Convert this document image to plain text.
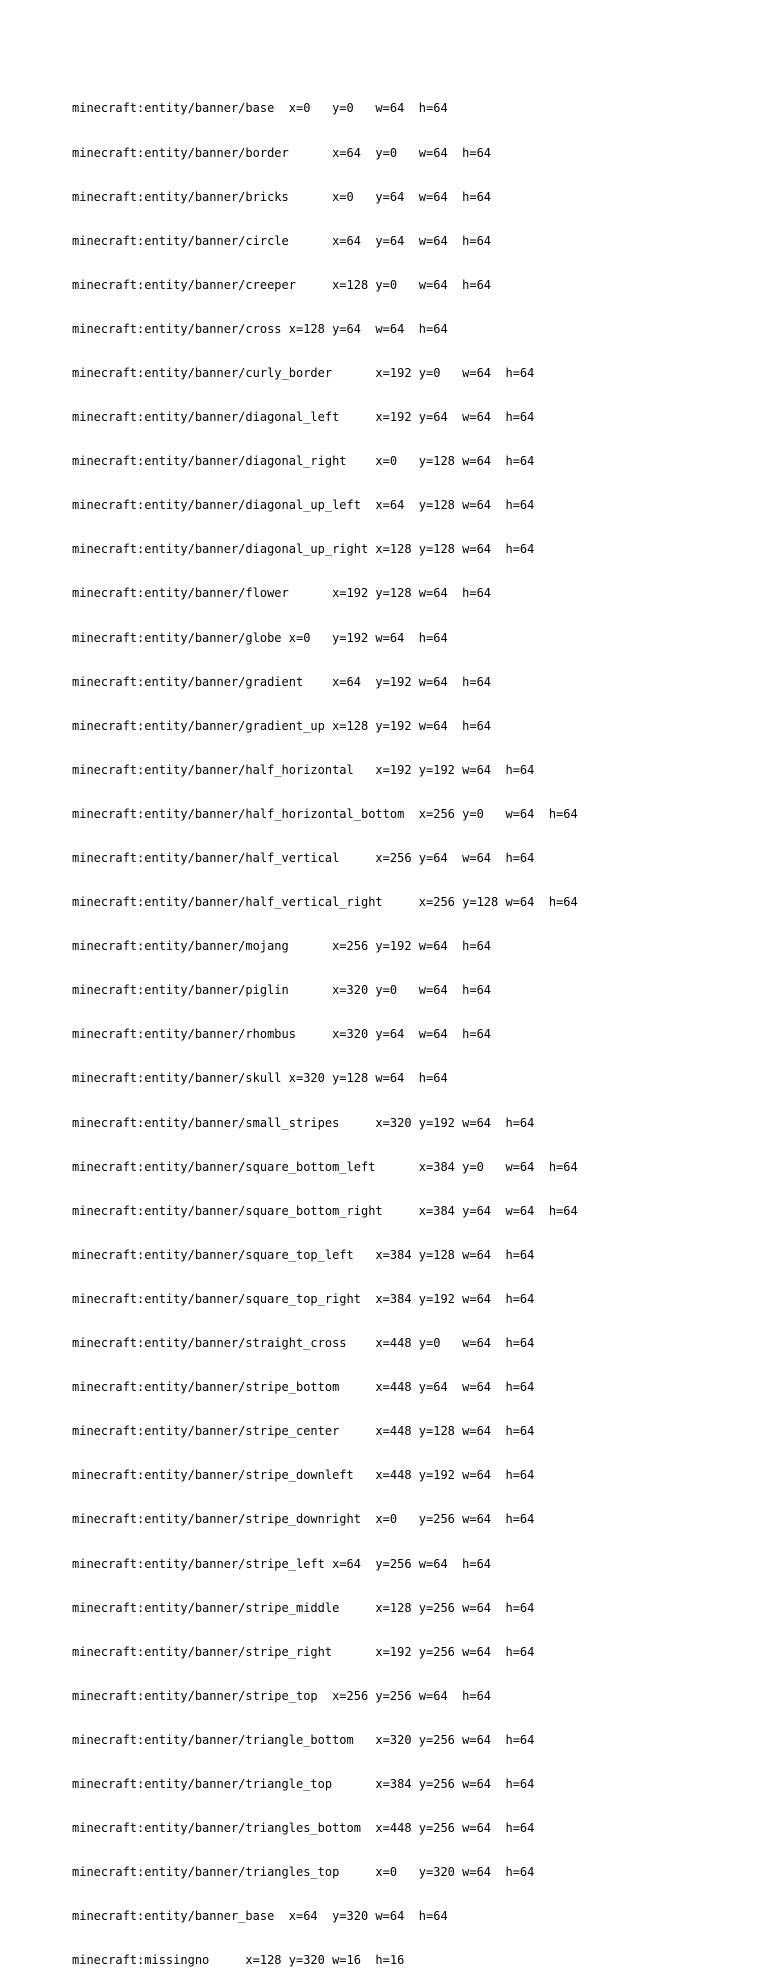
minecraft:entity/banner/base  x=0   y=0   w=64  h=64

minecraft:entity/banner/border      x=64  y=0   w=64  h=64

minecraft:entity/banner/bricks      x=0   y=64  w=64  h=64

minecraft:entity/banner/circle      x=64  y=64  w=64  h=64

minecraft:entity/banner/creeper     x=128 y=0   w=64  h=64

minecraft:entity/banner/cross x=128 y=64  w=64  h=64

minecraft:entity/banner/curly_border      x=192 y=0   w=64  h=64

minecraft:entity/banner/diagonal_left     x=192 y=64  w=64  h=64

minecraft:entity/banner/diagonal_right    x=0   y=128 w=64  h=64

minecraft:entity/banner/diagonal_up_left  x=64  y=128 w=64  h=64

minecraft:entity/banner/diagonal_up_right x=128 y=128 w=64  h=64

minecraft:entity/banner/flower      x=192 y=128 w=64  h=64

minecraft:entity/banner/globe x=0   y=192 w=64  h=64

minecraft:entity/banner/gradient    x=64  y=192 w=64  h=64

minecraft:entity/banner/gradient_up x=128 y=192 w=64  h=64

minecraft:entity/banner/half_horizontal   x=192 y=192 w=64  h=64

minecraft:entity/banner/half_horizontal_bottom  x=256 y=0   w=64  h=64

minecraft:entity/banner/half_vertical     x=256 y=64  w=64  h=64

minecraft:entity/banner/half_vertical_right     x=256 y=128 w=64  h=64

minecraft:entity/banner/mojang      x=256 y=192 w=64  h=64

minecraft:entity/banner/piglin      x=320 y=0   w=64  h=64

minecraft:entity/banner/rhombus     x=320 y=64  w=64  h=64

minecraft:entity/banner/skull x=320 y=128 w=64  h=64

minecraft:entity/banner/small_stripes     x=320 y=192 w=64  h=64

minecraft:entity/banner/square_bottom_left      x=384 y=0   w=64  h=64

minecraft:entity/banner/square_bottom_right     x=384 y=64  w=64  h=64

minecraft:entity/banner/square_top_left   x=384 y=128 w=64  h=64

minecraft:entity/banner/square_top_right  x=384 y=192 w=64  h=64

minecraft:entity/banner/straight_cross    x=448 y=0   w=64  h=64

minecraft:entity/banner/stripe_bottom     x=448 y=64  w=64  h=64

minecraft:entity/banner/stripe_center     x=448 y=128 w=64  h=64

minecraft:entity/banner/stripe_downleft   x=448 y=192 w=64  h=64

minecraft:entity/banner/stripe_downright  x=0   y=256 w=64  h=64

minecraft:entity/banner/stripe_left x=64  y=256 w=64  h=64

minecraft:entity/banner/stripe_middle     x=128 y=256 w=64  h=64

minecraft:entity/banner/stripe_right      x=192 y=256 w=64  h=64

minecraft:entity/banner/stripe_top  x=256 y=256 w=64  h=64

minecraft:entity/banner/triangle_bottom   x=320 y=256 w=64  h=64

minecraft:entity/banner/triangle_top      x=384 y=256 w=64  h=64

minecraft:entity/banner/triangles_bottom  x=448 y=256 w=64  h=64

minecraft:entity/banner/triangles_top     x=0   y=320 w=64  h=64

minecraft:entity/banner_base  x=64  y=320 w=64  h=64

minecraft:missingno     x=128 y=320 w=16  h=16
